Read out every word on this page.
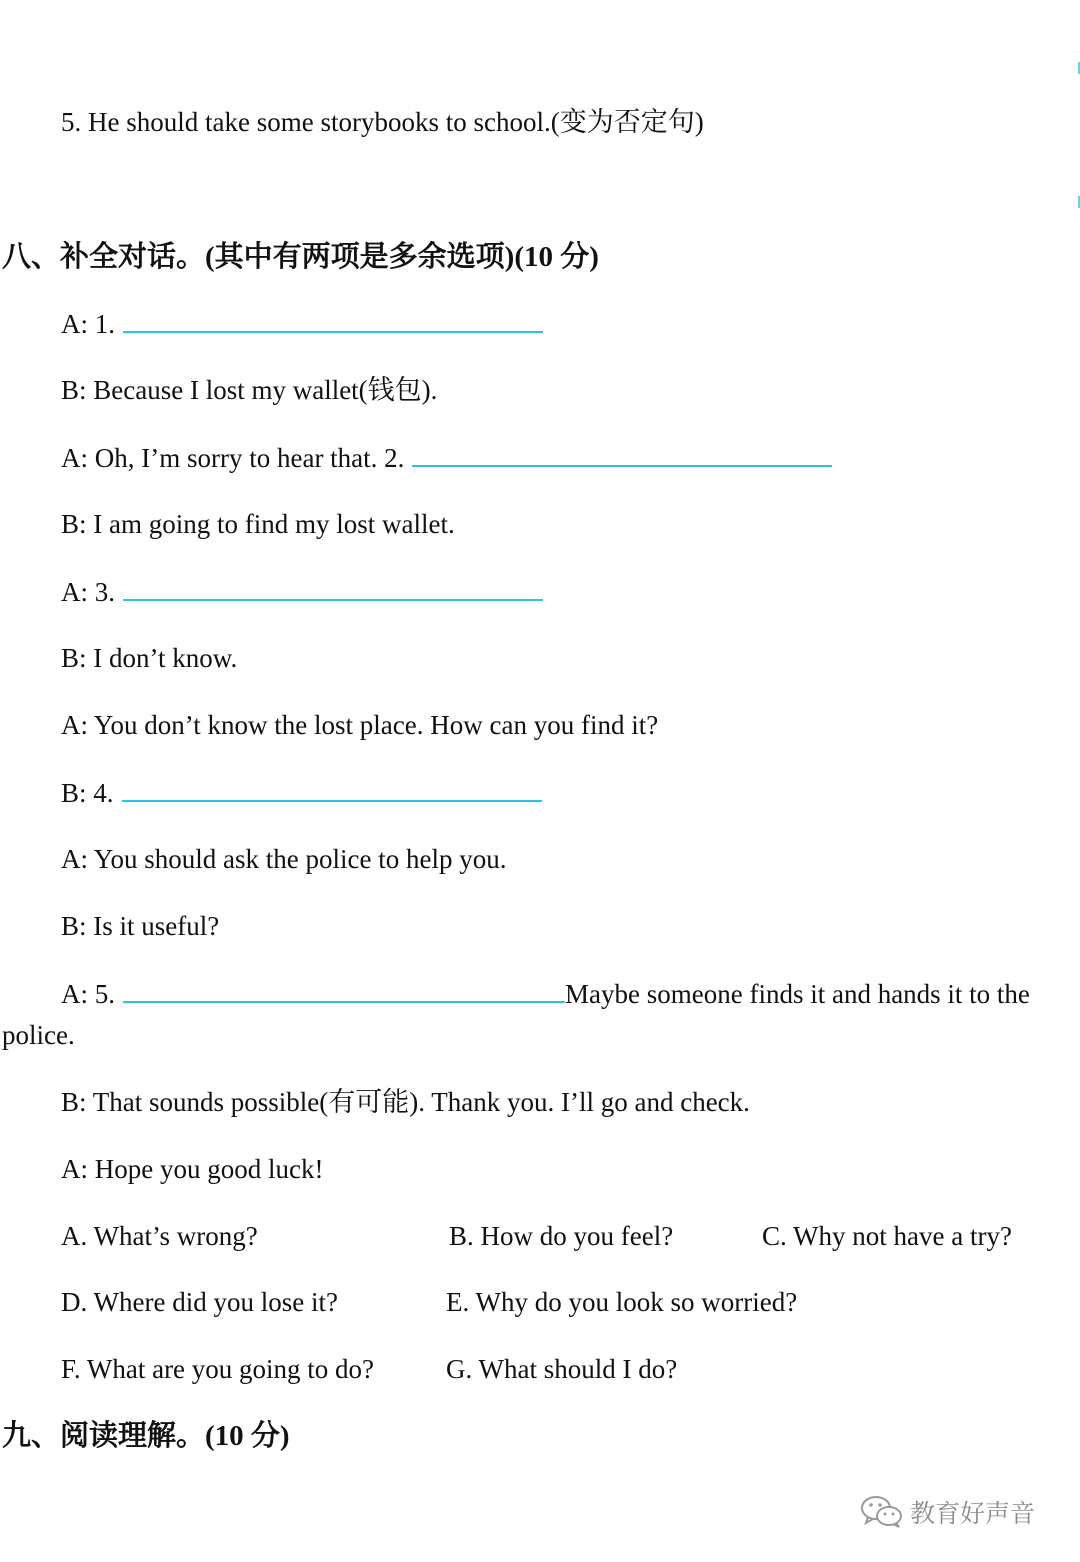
5. He should take some storybooks to school.(变为否定句)
八、补全对话。(其中有两项是多余选项)(10 分)
A: 1.
B: Because I lost my wallet(钱包).
A: Oh, I’m sorry to hear that. 2.
B: I am going to find my lost wallet.
A: 3.
B: I don’t know.
A: You don’t know the lost place. How can you find it?
B: 4.
A: You should ask the police to help you.
B: Is it useful?
A: 5.	Maybe someone finds it and hands it to the
police.
B: That sounds possible(有可能). Thank you. I’ll go and check.
A: Hope you good luck!
A. What’s wrong?	B. How do you feel?	C. Why not have a try?
D. Where did you lose it?	E. Why do you look so worried?
F. What are you going to do?	G. What should I do?
九、阅读理解。(10 分)
教育好声音
